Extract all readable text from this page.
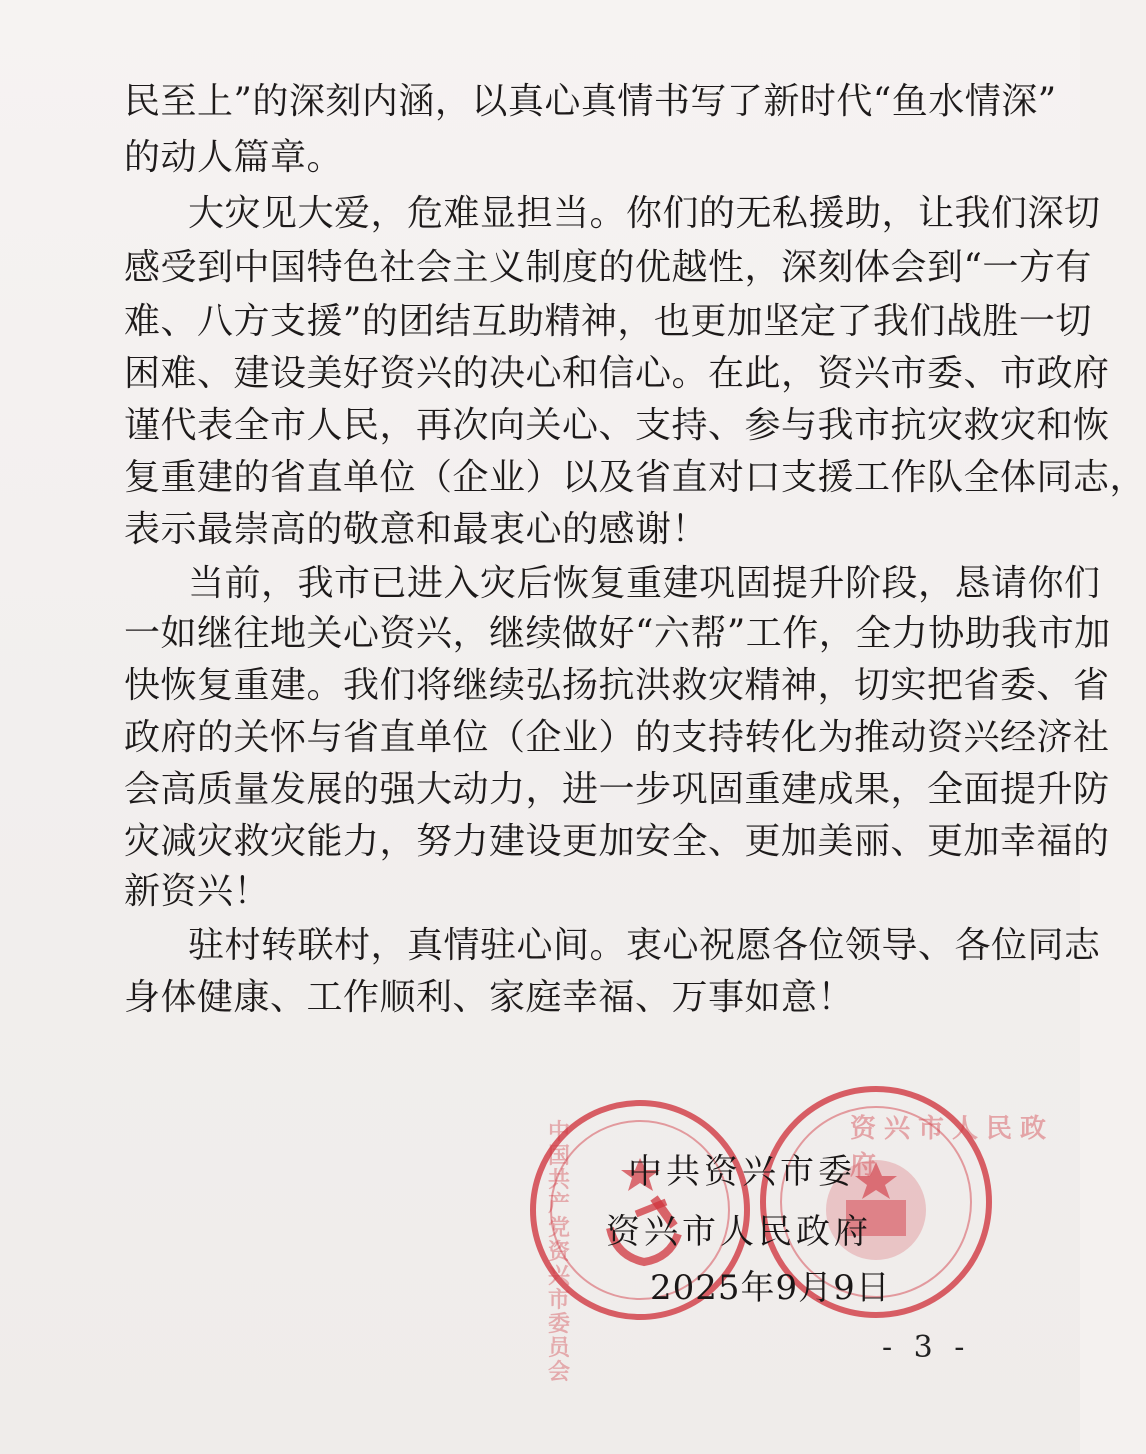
民至上”的深刻内涵，以真心真情书写了新时代“鱼水情深”
的动人篇章。
大灾见大爱，危难显担当。你们的无私援助，让我们深切
感受到中国特色社会主义制度的优越性，深刻体会到“一方有
难、八方支援”的团结互助精神，也更加坚定了我们战胜一切
困难、建设美好资兴的决心和信心。在此，资兴市委、市政府
谨代表全市人民，再次向关心、支持、参与我市抗灾救灾和恢
复重建的省直单位（企业）以及省直对口支援工作队全体同志，
表示最崇高的敬意和最衷心的感谢！
当前，我市已进入灾后恢复重建巩固提升阶段，恳请你们
一如继往地关心资兴，继续做好“六帮”工作，全力协助我市加
快恢复重建。我们将继续弘扬抗洪救灾精神，切实把省委、省
政府的关怀与省直单位（企业）的支持转化为推动资兴经济社
会高质量发展的强大动力，进一步巩固重建成果，全面提升防
灾减灾救灾能力，努力建设更加安全、更加美丽、更加幸福的
新资兴！
驻村转联村，真情驻心间。衷心祝愿各位领导、各位同志
身体健康、工作顺利、家庭幸福、万事如意！
中国共产党资兴市委员会
资兴市人民政府
中共资兴市委
资兴市人民政府
2025年9月9日
- 3 -
